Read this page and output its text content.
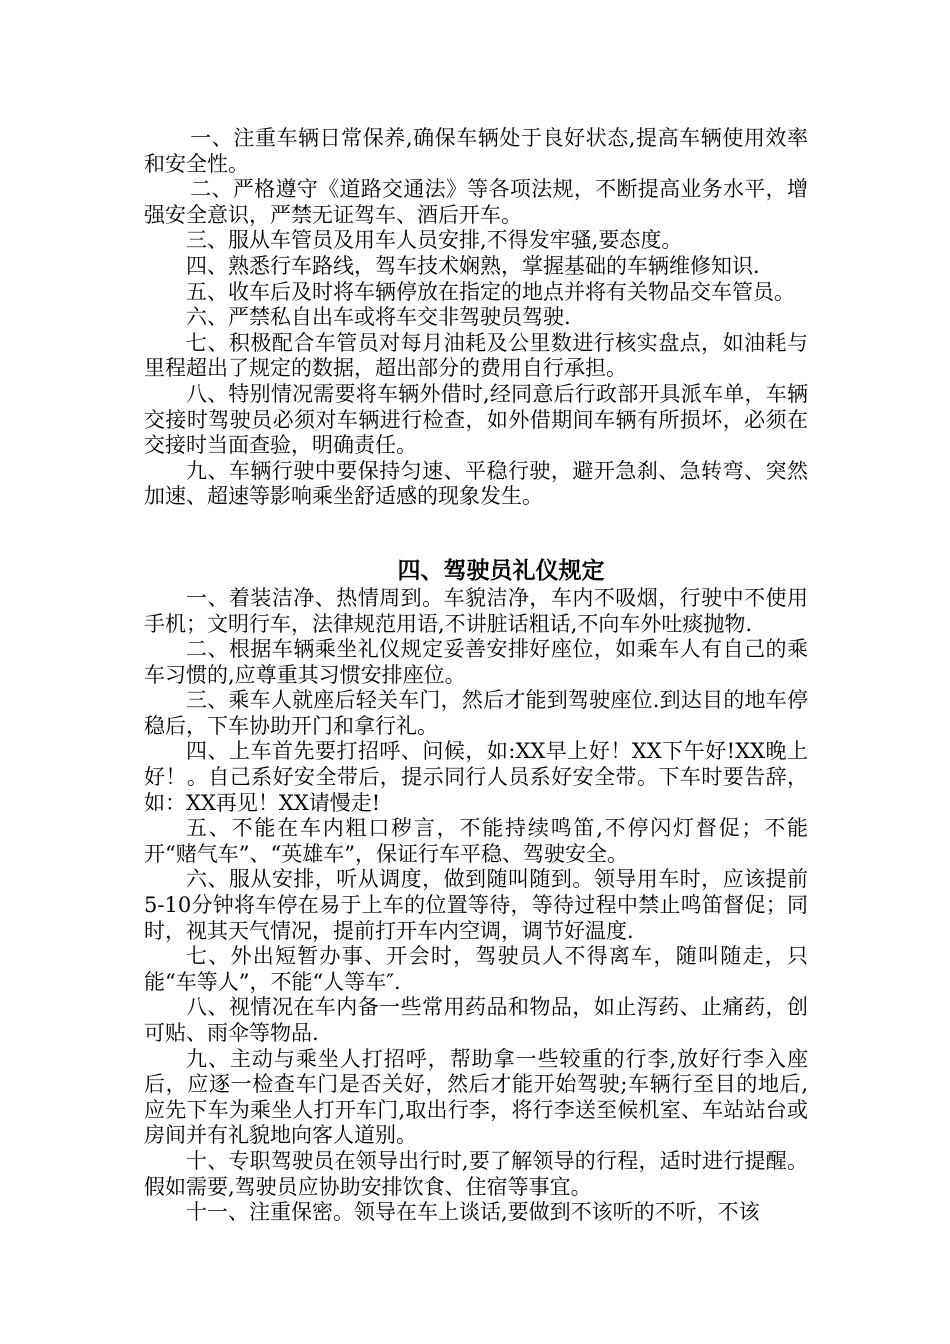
一、注重车辆日常保养,确保车辆处于良好状态,提高车辆使用效率和安全性。

二、严格遵守《道路交通法》等各项法规，不断提高业务水平，增强安全意识，严禁无证驾车、酒后开车。

三、服从车管员及用车人员安排,不得发牢骚,要态度。

四、熟悉行车路线，驾车技术娴熟，掌握基础的车辆维修知识.

五、收车后及时将车辆停放在指定的地点并将有关物品交车管员。

六、严禁私自出车或将车交非驾驶员驾驶.

七、积极配合车管员对每月油耗及公里数进行核实盘点，如油耗与里程超出了规定的数据，超出部分的费用自行承担。

八、特别情况需要将车辆外借时,经同意后行政部开具派车单，车辆交接时驾驶员必须对车辆进行检查，如外借期间车辆有所损坏，必须在交接时当面查验，明确责任。

九、车辆行驶中要保持匀速、平稳行驶，避开急刹、急转弯、突然加速、超速等影响乘坐舒适感的现象发生。

四、驾驶员礼仪规定

一、着装洁净、热情周到。车貌洁净，车内不吸烟，行驶中不使用手机；文明行车，法律规范用语,不讲脏话粗话,不向车外吐痰抛物.

二、根据车辆乘坐礼仪规定妥善安排好座位，如乘车人有自己的乘车习惯的,应尊重其习惯安排座位。

三、乘车人就座后轻关车门，然后才能到驾驶座位.到达目的地车停稳后，下车协助开门和拿行礼。

四、上车首先要打招呼、问候，如:XX早上好！XX下午好!XX晚上好！。自己系好安全带后，提示同行人员系好安全带。下车时要告辞，如：XX再见！XX请慢走!

五、不能在车内粗口秽言，不能持续鸣笛,不停闪灯督促；不能开“赌气车”、“英雄车”，保证行车平稳、驾驶安全。

六、服从安排，听从调度，做到随叫随到。领导用车时，应该提前5-10分钟将车停在易于上车的位置等待，等待过程中禁止鸣笛督促；同时，视其天气情况，提前打开车内空调，调节好温度.

七、外出短暂办事、开会时，驾驶员人不得离车，随叫随走，只能“车等人”，不能“人等车″.

八、视情况在车内备一些常用药品和物品，如止泻药、止痛药，创可贴、雨伞等物品.

九、主动与乘坐人打招呼，帮助拿一些较重的行李,放好行李入座后，应逐一检查车门是否关好，然后才能开始驾驶;车辆行至目的地后,应先下车为乘坐人打开车门,取出行李，将行李送至候机室、车站站台或房间并有礼貌地向客人道别。

十、专职驾驶员在领导出行时,要了解领导的行程，适时进行提醒。假如需要,驾驶员应协助安排饮食、住宿等事宜。

十一、注重保密。领导在车上谈话,要做到不该听的不听，不该
